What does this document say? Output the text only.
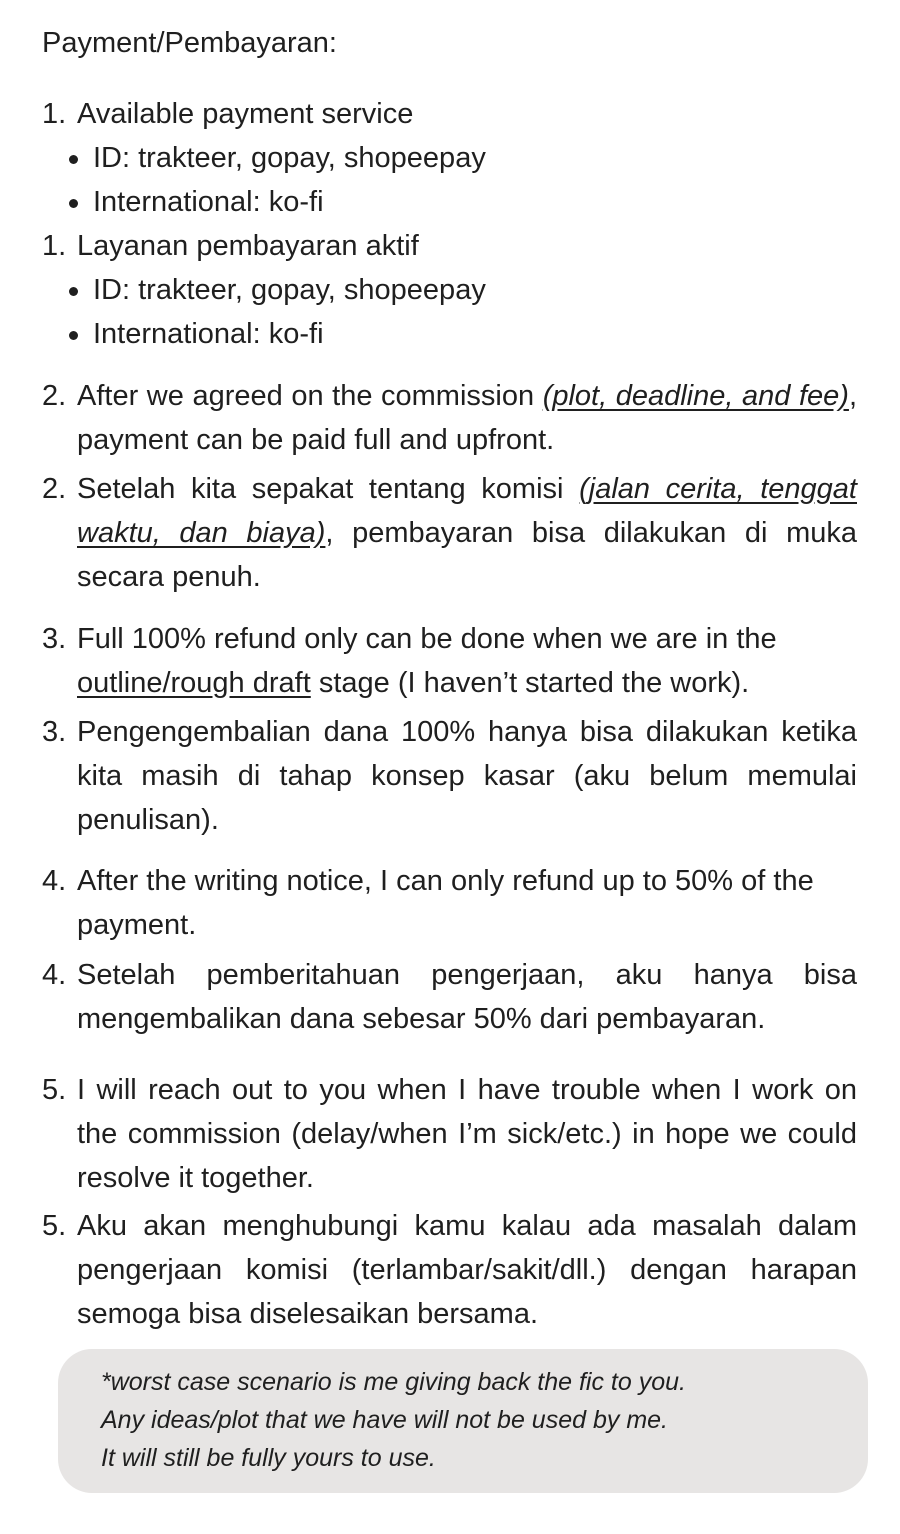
Payment/Pembayaran:
1. Available payment service
ID: trakteer, gopay, shopeepay
International: ko-fi
1. Layanan pembayaran aktif
ID: trakteer, gopay, shopeepay
International: ko-fi
2. After we agreed on the commission (plot, deadline, and fee), payment can be paid full and upfront.
2. Setelah kita sepakat tentang komisi (jalan cerita, tenggat waktu, dan biaya), pembayaran bisa dilakukan di muka secara penuh.
3. Full 100% refund only can be done when we are in the outline/rough draft stage (I haven’t started the work).
3. Pengengembalian dana 100% hanya bisa dilakukan ketika kita masih di tahap konsep kasar (aku belum memulai penulisan).
4. After the writing notice, I can only refund up to 50% of the payment.
4. Setelah pemberitahuan pengerjaan, aku hanya bisa mengembalikan dana sebesar 50% dari pembayaran.
5. I will reach out to you when I have trouble when I work on the commission (delay/when I’m sick/etc.) in hope we could resolve it together.
5. Aku akan menghubungi kamu kalau ada masalah dalam pengerjaan komisi (terlambar/sakit/dll.) dengan harapan semoga bisa diselesaikan bersama.
*worst case scenario is me giving back the fic to you.
Any ideas/plot that we have will not be used by me.
It will still be fully yours to use.
